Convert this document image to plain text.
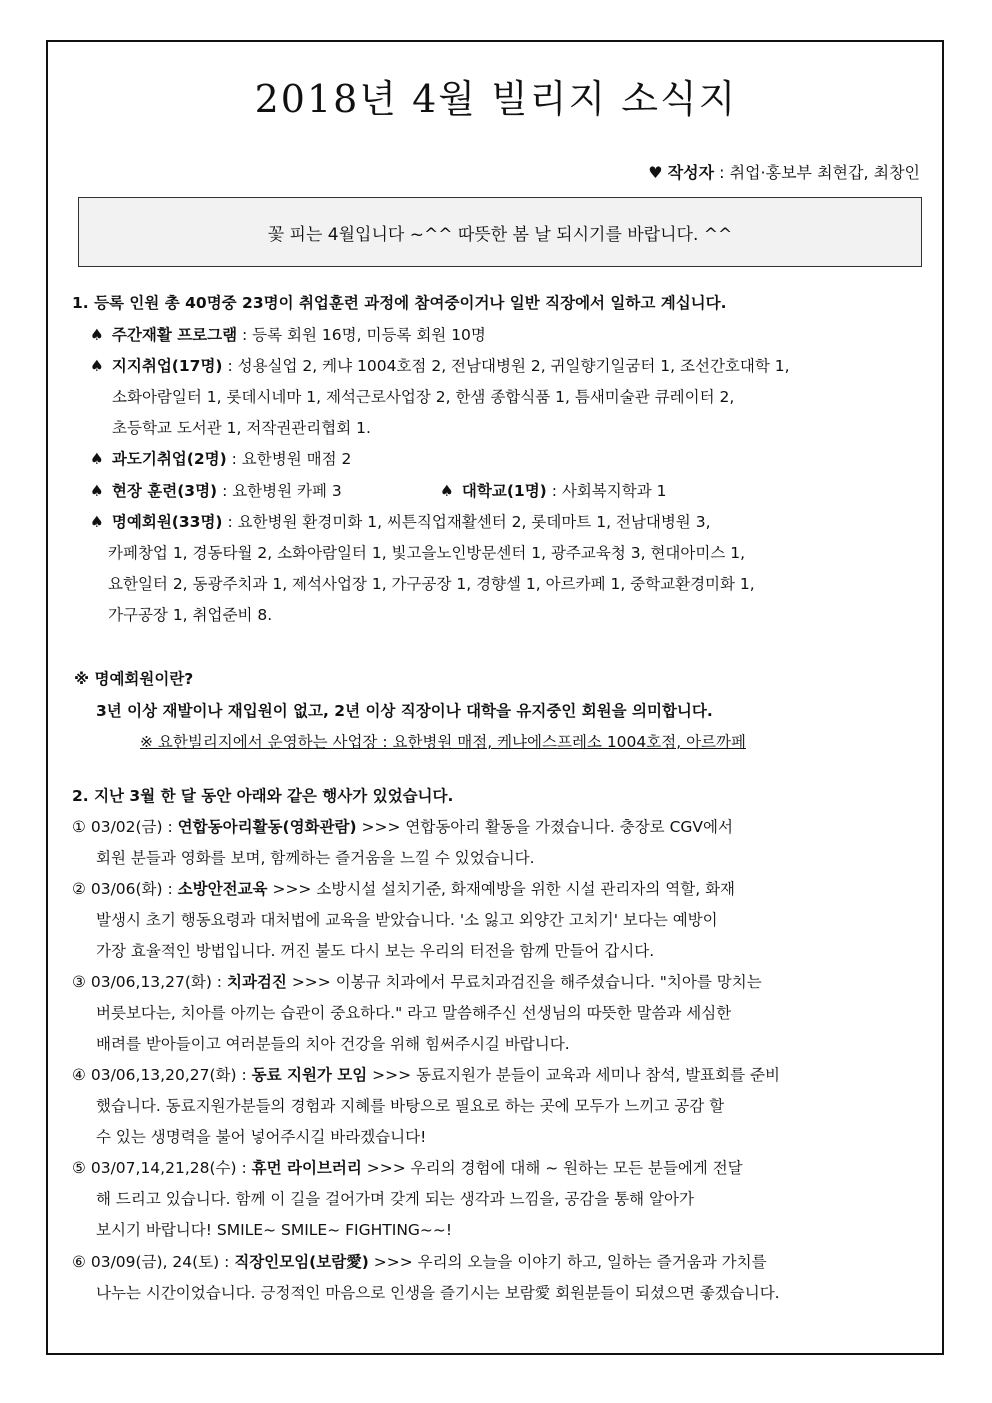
2018년 4월 빌리지 소식지
♥ 작성자 : 취업·홍보부 최현갑, 최창인
꽃 피는 4월입니다 ~^^ 따뜻한 봄 날 되시기를 바랍니다. ^^
1. 등록 인원 총 40명중 23명이 취업훈련 과정에 참여중이거나 일반 직장에서 일하고 계십니다.
♠ 주간재활 프로그램 : 등록 회원 16명, 미등록 회원 10명
♠ 지지취업(17명) : 성용실업 2, 케냐 1004호점 2, 전남대병원 2, 귀일향기일굼터 1, 조선간호대학 1,
소화아람일터 1, 롯데시네마 1, 제석근로사업장 2, 한샘 종합식품 1, 틈새미술관 큐레이터 2,
초등학교 도서관 1, 저작권관리협회 1.
♠ 과도기취업(2명) : 요한병원 매점 2
♠ 현장 훈련(3명) : 요한병원 카페 3	♠ 대학교(1명) : 사회복지학과 1
♠ 명예회원(33명) : 요한병원 환경미화 1, 씨튼직업재활센터 2, 롯데마트 1, 전남대병원 3,
카페창업 1, 경동타월 2, 소화아람일터 1, 빛고을노인방문센터 1, 광주교육청 3, 현대아미스 1,
요한일터 2, 동광주치과 1, 제석사업장 1, 가구공장 1, 경향셀 1, 아르카페 1, 중학교환경미화 1,
가구공장 1, 취업준비 8.
※ 명예회원이란?
3년 이상 재발이나 재입원이 없고, 2년 이상 직장이나 대학을 유지중인 회원을 의미합니다.
※ 요한빌리지에서 운영하는 사업장 : 요한병원 매점, 케냐에스프레소 1004호점, 아르까페
2. 지난 3월 한 달 동안 아래와 같은 행사가 있었습니다.
① 03/02(금) : 연합동아리활동(영화관람) >>> 연합동아리 활동을 가졌습니다. 충장로 CGV에서
회원 분들과 영화를 보며, 함께하는 즐거움을 느낄 수 있었습니다.
② 03/06(화) : 소방안전교육 >>> 소방시설 설치기준, 화재예방을 위한 시설 관리자의 역할, 화재
발생시 초기 행동요령과 대처법에 교육을 받았습니다. '소 잃고 외양간 고치기' 보다는 예방이
가장 효율적인 방법입니다. 꺼진 불도 다시 보는 우리의 터전을 함께 만들어 갑시다.
③ 03/06,13,27(화) : 치과검진 >>> 이봉규 치과에서 무료치과검진을 해주셨습니다. "치아를 망치는
버릇보다는, 치아를 아끼는 습관이 중요하다." 라고 말씀해주신 선생님의 따뜻한 말씀과 세심한
배려를 받아들이고 여러분들의 치아 건강을 위해 힘써주시길 바랍니다.
④ 03/06,13,20,27(화) : 동료 지원가 모임 >>> 동료지원가 분들이 교육과 세미나 참석, 발표회를 준비
했습니다. 동료지원가분들의 경험과 지혜를 바탕으로 필요로 하는 곳에 모두가 느끼고 공감 할
수 있는 생명력을 불어 넣어주시길 바라겠습니다!
⑤ 03/07,14,21,28(수) : 휴먼 라이브러리 >>> 우리의 경험에 대해 ~ 원하는 모든 분들에게 전달
해 드리고 있습니다. 함께 이 길을 걸어가며 갖게 되는 생각과 느낌을, 공감을 통해 알아가
보시기 바랍니다! SMILE~ SMILE~ FIGHTING~~!
⑥ 03/09(금), 24(토) : 직장인모임(보람愛) >>> 우리의 오늘을 이야기 하고, 일하는 즐거움과 가치를
나누는 시간이었습니다. 긍정적인 마음으로 인생을 즐기시는 보람愛 회원분들이 되셨으면 좋겠습니다.
